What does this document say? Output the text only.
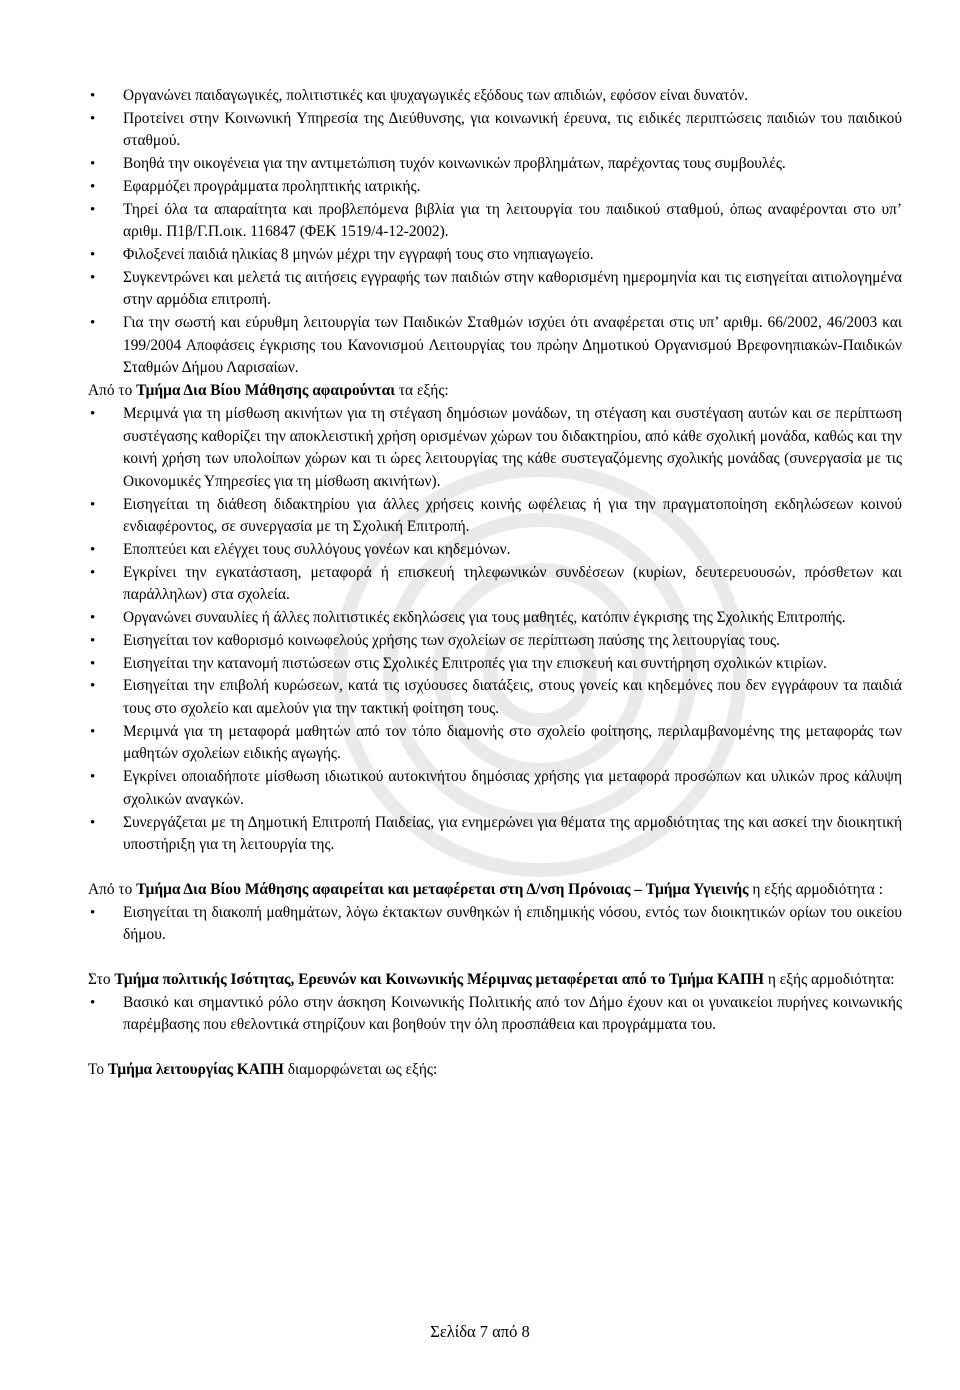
• Οργανώνει παιδαγωγικές, πολιτιστικές και ψυχαγωγικές εξόδους των απιδιών, εφόσον είναι δυνατόν.
• Προτείνει στην Κοινωνική Υπηρεσία της Διεύθυνσης, για κοινωνική έρευνα, τις ειδικές περιπτώσεις παιδιών του παιδικού σταθμού.
• Βοηθά την οικογένεια για την αντιμετώπιση τυχόν κοινωνικών προβλημάτων, παρέχοντας τους συμβουλές.
• Εφαρμόζει προγράμματα προληπτικής ιατρικής.
• Τηρεί όλα τα απαραίτητα και προβλεπόμενα βιβλία για τη λειτουργία του παιδικού σταθμού, όπως αναφέρονται στο υπ’ αριθμ. Π1β/Γ.Π.οικ. 116847 (ΦΕΚ 1519/4-12-2002).
• Φιλοξενεί παιδιά ηλικίας 8 μηνών μέχρι την εγγραφή τους στο νηπιαγωγείο.
• Συγκεντρώνει και μελετά τις αιτήσεις εγγραφής των παιδιών στην καθορισμένη ημερομηνία και τις εισηγείται αιτιολογημένα στην αρμόδια επιτροπή.
• Για την σωστή και εύρυθμη λειτουργία των Παιδικών Σταθμών ισχύει ότι αναφέρεται στις υπ’ αριθμ. 66/2002, 46/2003 και 199/2004 Αποφάσεις έγκρισης του Κανονισμού Λειτουργίας του πρώην Δημοτικού Οργανισμού Βρεφονηπιακών-Παιδικών Σταθμών Δήμου Λαρισαίων.

Από το Τμήμα Δια Βίου Μάθησης αφαιρούνται τα εξής:

• Μεριμνά για τη μίσθωση ακινήτων για τη στέγαση δημόσιων μονάδων, τη στέγαση και συστέγαση αυτών και σε περίπτωση συστέγασης καθορίζει την αποκλειστική χρήση ορισμένων χώρων του διδακτηρίου, από κάθε σχολική μονάδα, καθώς και την κοινή χρήση των υπολοίπων χώρων και τι ώρες λειτουργίας της κάθε συστεγαζόμενης σχολικής μονάδας (συνεργασία με τις Οικονομικές Υπηρεσίες για τη μίσθωση ακινήτων).
• Εισηγείται τη διάθεση διδακτηρίου για άλλες χρήσεις κοινής ωφέλειας ή για την πραγματοποίηση εκδηλώσεων κοινού ενδιαφέροντος, σε συνεργασία με τη Σχολική Επιτροπή.
• Εποπτεύει και ελέγχει τους συλλόγους γονέων και κηδεμόνων.
• Εγκρίνει την εγκατάσταση, μεταφορά ή επισκευή τηλεφωνικών συνδέσεων (κυρίων, δευτερευουσών, πρόσθετων και παράλληλων) στα σχολεία.
• Οργανώνει συναυλίες ή άλλες πολιτιστικές εκδηλώσεις για τους μαθητές, κατόπιν έγκρισης της Σχολικής Επιτροπής.
• Εισηγείται τον καθορισμό κοινωφελούς χρήσης των σχολείων σε περίπτωση παύσης της λειτουργίας τους.
• Εισηγείται την κατανομή πιστώσεων στις Σχολικές Επιτροπές για την επισκευή και συντήρηση σχολικών κτιρίων.
• Εισηγείται την επιβολή κυρώσεων, κατά τις ισχύουσες διατάξεις, στους γονείς και κηδεμόνες που δεν εγγράφουν τα παιδιά τους στο σχολείο και αμελούν για την τακτική φοίτηση τους.
• Μεριμνά για τη μεταφορά μαθητών από τον τόπο διαμονής στο σχολείο φοίτησης, περιλαμβανομένης της μεταφοράς των μαθητών σχολείων ειδικής αγωγής.
• Εγκρίνει οποιαδήποτε μίσθωση ιδιωτικού αυτοκινήτου δημόσιας χρήσης για μεταφορά προσώπων και υλικών προς κάλυψη σχολικών αναγκών.
• Συνεργάζεται με τη Δημοτική Επιτροπή Παιδείας, για ενημερώνει για θέματα της αρμοδιότητας της και ασκεί την διοικητική υποστήριξη για τη λειτουργία της.

Από το Τμήμα Δια Βίου Μάθησης αφαιρείται και μεταφέρεται στη Δ/νση Πρόνοιας – Τμήμα Υγιεινής η εξής αρμοδιότητα :

• Εισηγείται τη διακοπή μαθημάτων, λόγω έκτακτων συνθηκών ή επιδημικής νόσου, εντός των διοικητικών ορίων του οικείου δήμου.

Στο Τμήμα πολιτικής Ισότητας, Ερευνών και Κοινωνικής Μέριμνας μεταφέρεται από το Τμήμα ΚΑΠΗ η εξής αρμοδιότητα:

• Βασικό και σημαντικό ρόλο στην άσκηση Κοινωνικής Πολιτικής από τον Δήμο έχουν και οι γυναικείοι πυρήνες κοινωνικής παρέμβασης που εθελοντικά στηρίζουν και βοηθούν την όλη προσπάθεια και προγράμματα του.

Το Τμήμα λειτουργίας ΚΑΠΗ διαμορφώνεται ως εξής:

Σελίδα 7 από 8
